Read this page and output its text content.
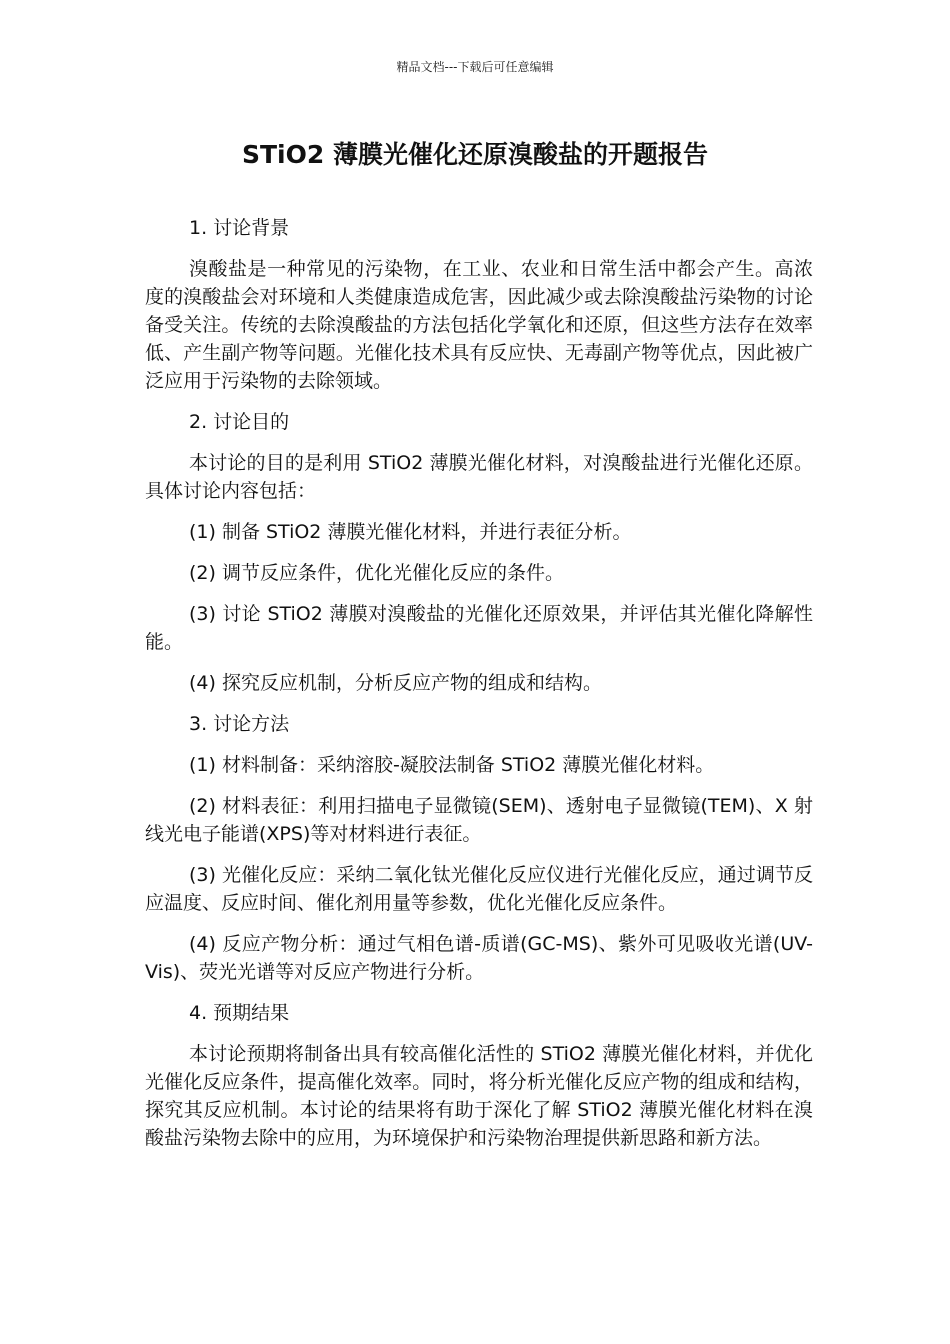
精品文档---下载后可任意编辑
STiO2 薄膜光催化还原溴酸盐的开题报告
1. 讨论背景

溴酸盐是一种常见的污染物，在工业、农业和日常生活中都会产生。高浓度的溴酸盐会对环境和人类健康造成危害，因此减少或去除溴酸盐污染物的讨论备受关注。传统的去除溴酸盐的方法包括化学氧化和还原，但这些方法存在效率低、产生副产物等问题。光催化技术具有反应快、无毒副产物等优点，因此被广泛应用于污染物的去除领域。

2. 讨论目的

本讨论的目的是利用 STiO2 薄膜光催化材料，对溴酸盐进行光催化还原。具体讨论内容包括：

(1) 制备 STiO2 薄膜光催化材料，并进行表征分析。

(2) 调节反应条件，优化光催化反应的条件。

(3) 讨论 STiO2 薄膜对溴酸盐的光催化还原效果，并评估其光催化降解性能。

(4) 探究反应机制，分析反应产物的组成和结构。

3. 讨论方法

(1) 材料制备：采纳溶胶-凝胶法制备 STiO2 薄膜光催化材料。

(2) 材料表征：利用扫描电子显微镜(SEM)、透射电子显微镜(TEM)、X 射线光电子能谱(XPS)等对材料进行表征。

(3) 光催化反应：采纳二氧化钛光催化反应仪进行光催化反应，通过调节反应温度、反应时间、催化剂用量等参数，优化光催化反应条件。

(4) 反应产物分析：通过气相色谱-质谱(GC-MS)、紫外可见吸收光谱(UV-Vis)、荧光光谱等对反应产物进行分析。

4. 预期结果

本讨论预期将制备出具有较高催化活性的 STiO2 薄膜光催化材料，并优化光催化反应条件，提高催化效率。同时，将分析光催化反应产物的组成和结构，探究其反应机制。本讨论的结果将有助于深化了解 STiO2 薄膜光催化材料在溴酸盐污染物去除中的应用，为环境保护和污染物治理提供新思路和新方法。
